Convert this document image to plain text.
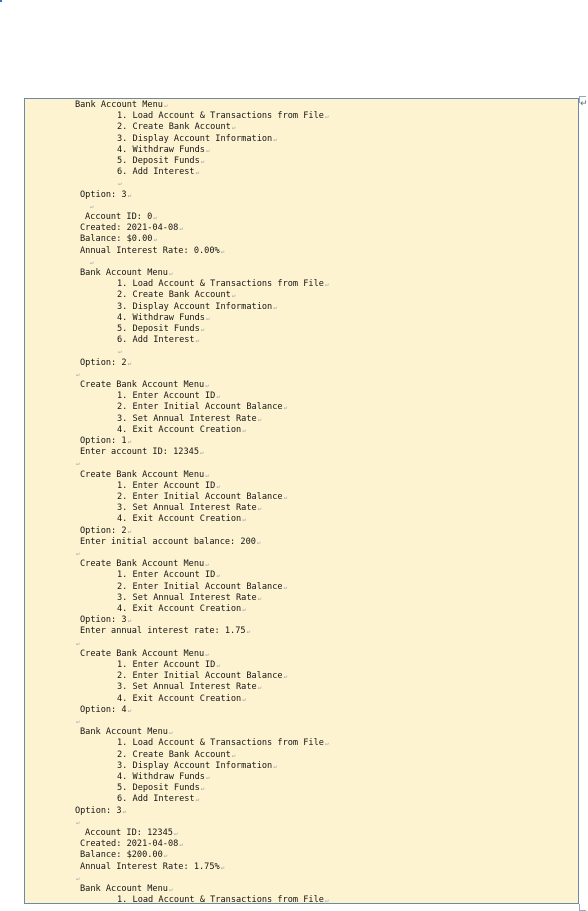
Bank Account Menu↵
1. Load Account & Transactions from File↵
2. Create Bank Account↵
3. Display Account Information↵
4. Withdraw Funds↵
5. Deposit Funds↵
6. Add Interest↵
↵
Option: 3↵
↵
Account ID: 0↵
Created: 2021-04-08↵
Balance: $0.00↵
Annual Interest Rate: 0.00%↵
↵
Bank Account Menu↵
1. Load Account & Transactions from File↵
2. Create Bank Account↵
3. Display Account Information↵
4. Withdraw Funds↵
5. Deposit Funds↵
6. Add Interest↵
↵
Option: 2↵
↵
Create Bank Account Menu↵
1. Enter Account ID↵
2. Enter Initial Account Balance↵
3. Set Annual Interest Rate↵
4. Exit Account Creation↵
Option: 1↵
Enter account ID: 12345↵
↵
Create Bank Account Menu↵
1. Enter Account ID↵
2. Enter Initial Account Balance↵
3. Set Annual Interest Rate↵
4. Exit Account Creation↵
Option: 2↵
Enter initial account balance: 200↵
↵
Create Bank Account Menu↵
1. Enter Account ID↵
2. Enter Initial Account Balance↵
3. Set Annual Interest Rate↵
4. Exit Account Creation↵
Option: 3↵
Enter annual interest rate: 1.75↵
↵
Create Bank Account Menu↵
1. Enter Account ID↵
2. Enter Initial Account Balance↵
3. Set Annual Interest Rate↵
4. Exit Account Creation↵
Option: 4↵
↵
Bank Account Menu↵
1. Load Account & Transactions from File↵
2. Create Bank Account↵
3. Display Account Information↵
4. Withdraw Funds↵
5. Deposit Funds↵
6. Add Interest↵
Option: 3↵
↵
Account ID: 12345↵
Created: 2021-04-08↵
Balance: $200.00↵
Annual Interest Rate: 1.75%↵
↵
Bank Account Menu↵
1. Load Account & Transactions from File↵
↵
